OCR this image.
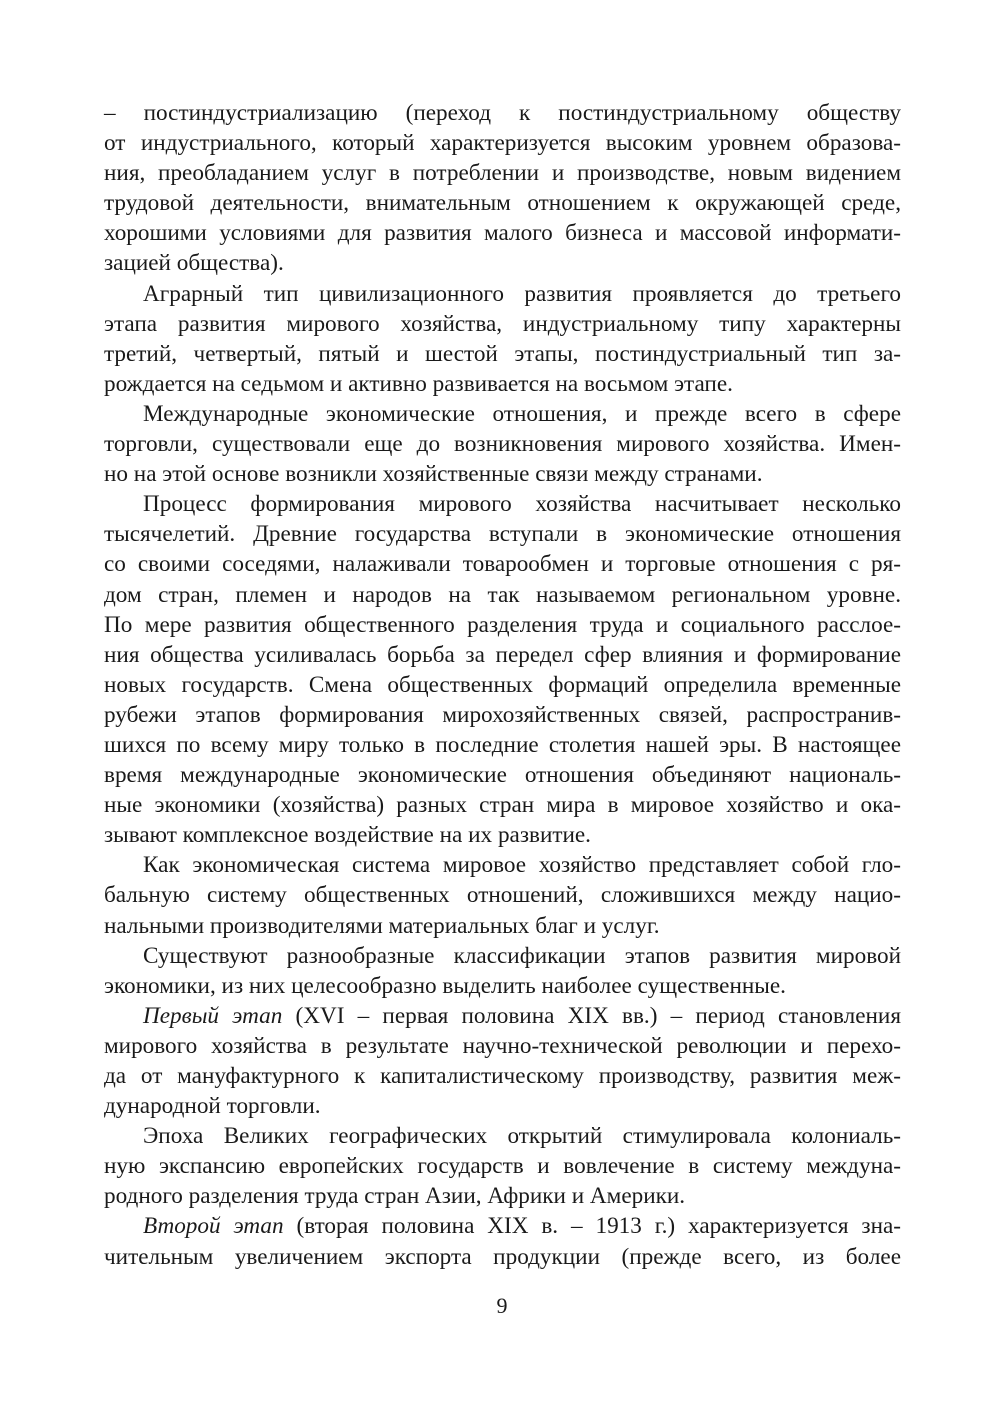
– постиндустриализацию (переход к постиндустриальному обществу
от индустриального, который характеризуется высоким уровнем образова-
ния, преобладанием услуг в потреблении и производстве, новым видением
трудовой деятельности, внимательным отношением к окружающей среде,
хорошими условиями для развития малого бизнеса и массовой информати-
зацией общества).
Аграрный тип цивилизационного развития проявляется до третьего
этапа развития мирового хозяйства, индустриальному типу характерны
третий, четвертый, пятый и шестой этапы, постиндустриальный тип за-
рождается на седьмом и активно развивается на восьмом этапе.
Международные экономические отношения, и прежде всего в сфере
торговли, существовали еще до возникновения мирового хозяйства. Имен-
но на этой основе возникли хозяйственные связи между странами.
Процесс формирования мирового хозяйства насчитывает несколько
тысячелетий. Древние государства вступали в экономические отношения
со своими соседями, налаживали товарообмен и торговые отношения с ря-
дом стран, племен и народов на так называемом региональном уровне.
По мере развития общественного разделения труда и социального расслое-
ния общества усиливалась борьба за передел сфер влияния и формирование
новых государств. Смена общественных формаций определила временные
рубежи этапов формирования мирохозяйственных связей, распространив-
шихся по всему миру только в последние столетия нашей эры. В настоящее
время международные экономические отношения объединяют националь-
ные экономики (хозяйства) разных стран мира в мировое хозяйство и ока-
зывают комплексное воздействие на их развитие.
Как экономическая система мировое хозяйство представляет собой гло-
бальную систему общественных отношений, сложившихся между нацио-
нальными производителями материальных благ и услуг.
Существуют разнообразные классификации этапов развития мировой
экономики, из них целесообразно выделить наиболее существенные.
Первый этап (XVI – первая половина XIX вв.) – период становления
мирового хозяйства в результате научно-технической революции и перехо-
да от мануфактурного к капиталистическому производству, развития меж-
дународной торговли.
Эпоха Великих географических открытий стимулировала колониаль-
ную экспансию европейских государств и вовлечение в систему междуна-
родного разделения труда стран Азии, Африки и Америки.
Второй этап (вторая половина XIX в. – 1913 г.) характеризуется зна-
чительным увеличением экспорта продукции (прежде всего, из более
9
